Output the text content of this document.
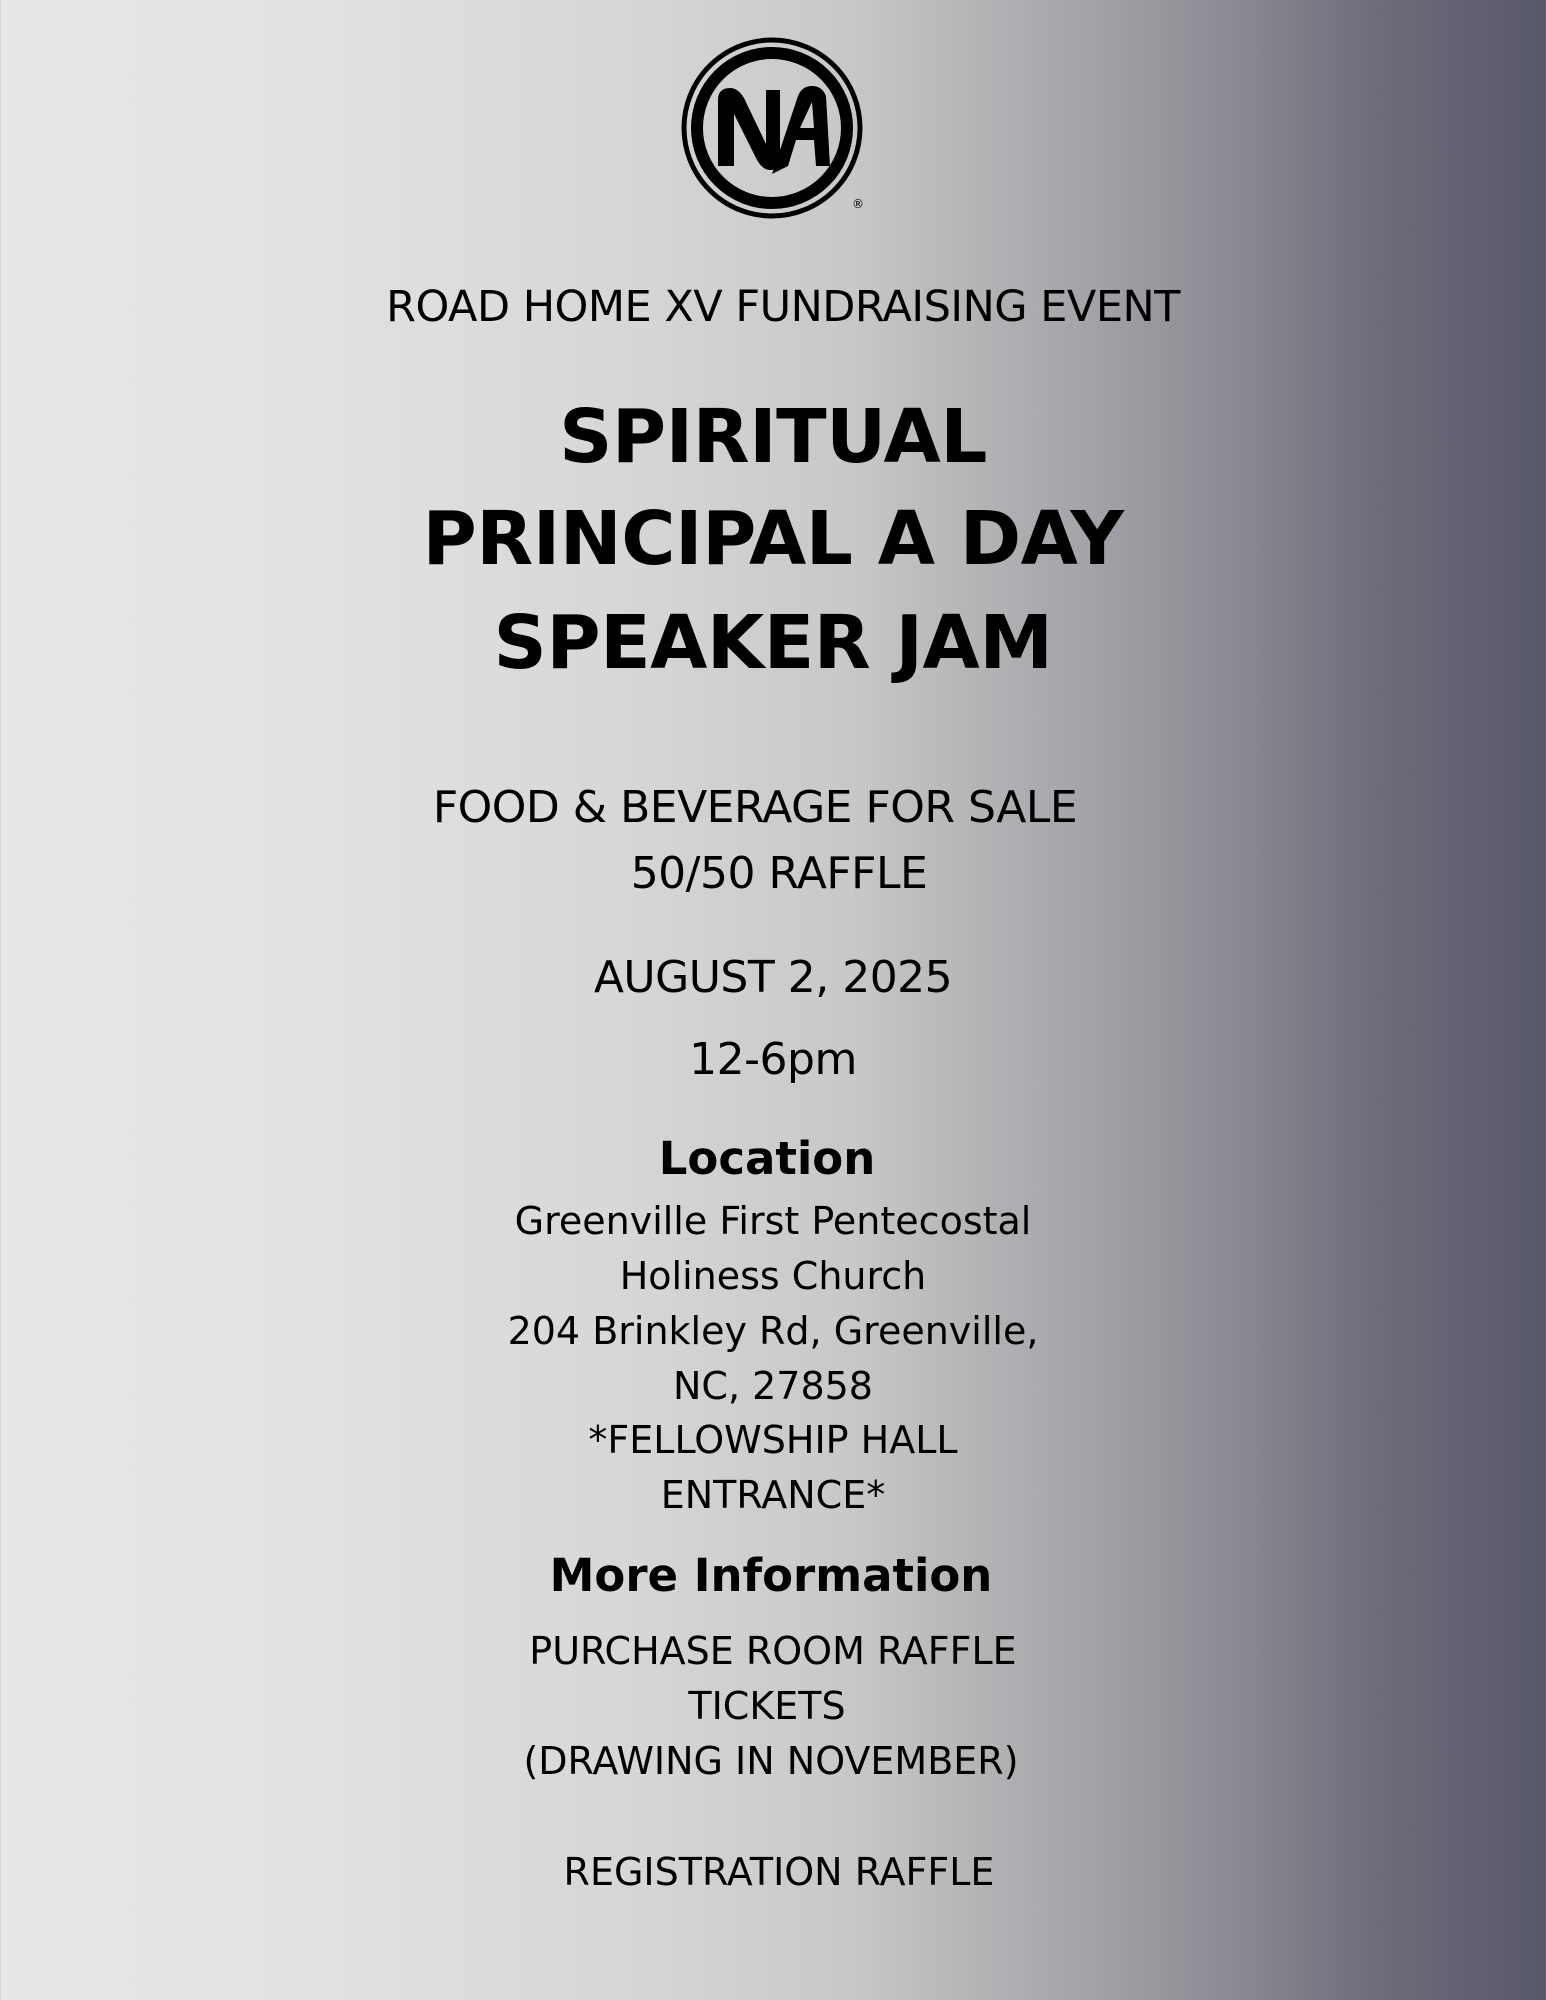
®
ROAD HOME XV FUNDRAISING EVENT
SPIRITUAL
PRINCIPAL A DAY
SPEAKER JAM
FOOD & BEVERAGE FOR SALE
50/50 RAFFLE
AUGUST 2, 2025
12-6pm
Location
Greenville First Pentecostal
Holiness Church
204 Brinkley Rd, Greenville,
NC, 27858
*FELLOWSHIP HALL
ENTRANCE*
More Information
PURCHASE ROOM RAFFLE
TICKETS
(DRAWING IN NOVEMBER)
REGISTRATION RAFFLE
